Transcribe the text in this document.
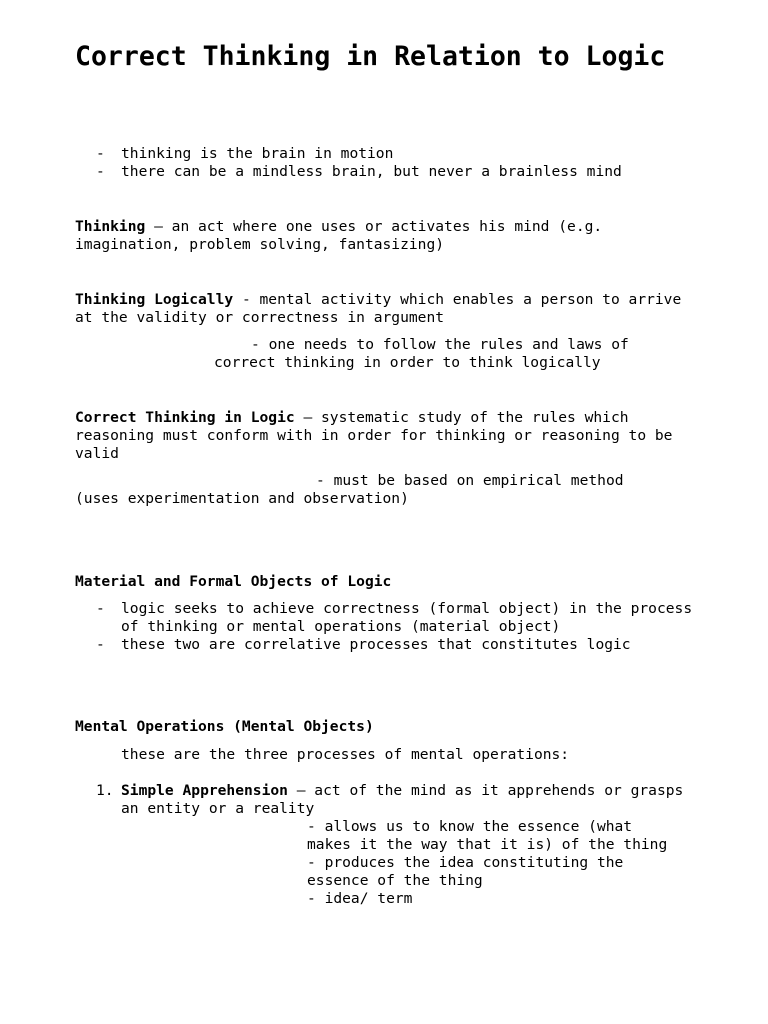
Correct Thinking in Relation to Logic
- thinking is the brain in motion
- there can be a mindless brain, but never a brainless mind

Thinking – an act where one uses or activates his mind (e.g. imagination, problem solving, fantasizing)

Thinking Logically - mental activity which enables a person to arrive at the validity or correctness in argument

- one needs to follow the rules and laws of

correct thinking in order to think logically

Correct Thinking in Logic – systematic study of the rules which reasoning must conform with in order for thinking or reasoning to be valid

- must be based on empirical method

(uses experimentation and observation)

Material and Formal Objects of Logic

- logic seeks to achieve correctness (formal object) in the process of thinking or mental operations (material object)
- these two are correlative processes that constitutes logic

Mental Operations (Mental Objects)

these are the three processes of mental operations:

1. Simple Apprehension – act of the mind as it apprehends or grasps an entity or a reality
- allows us to know the essence (what
makes it the way that it is) of the thing
- produces the idea constituting the
essence of the thing
- idea/ term
